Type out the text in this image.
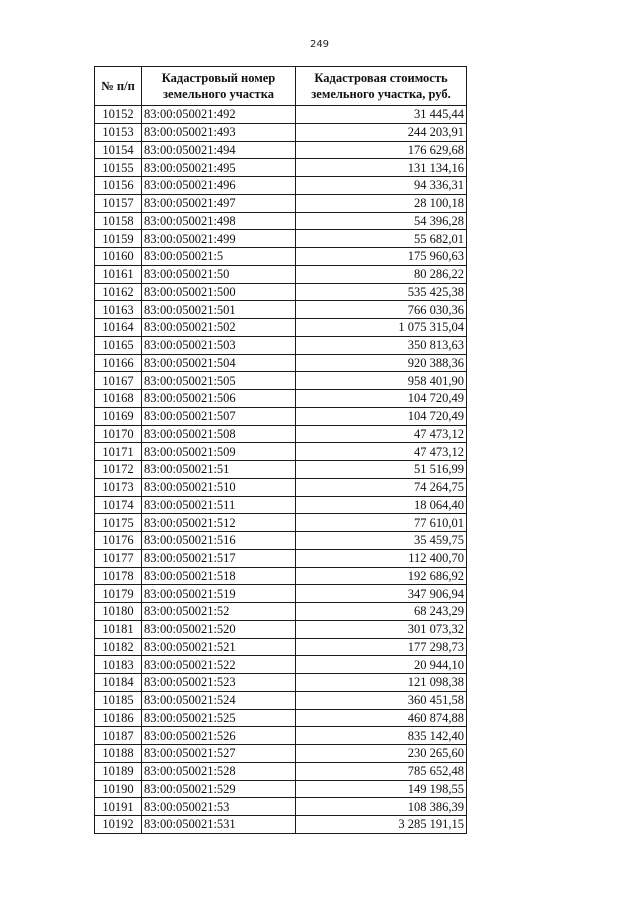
249
№ п/п	Кадастровый номер земельного участка	Кадастровая стоимость земельного участка, руб.
10152	83:00:050021:492	31 445,44
10153	83:00:050021:493	244 203,91
10154	83:00:050021:494	176 629,68
10155	83:00:050021:495	131 134,16
10156	83:00:050021:496	94 336,31
10157	83:00:050021:497	28 100,18
10158	83:00:050021:498	54 396,28
10159	83:00:050021:499	55 682,01
10160	83:00:050021:5	175 960,63
10161	83:00:050021:50	80 286,22
10162	83:00:050021:500	535 425,38
10163	83:00:050021:501	766 030,36
10164	83:00:050021:502	1 075 315,04
10165	83:00:050021:503	350 813,63
10166	83:00:050021:504	920 388,36
10167	83:00:050021:505	958 401,90
10168	83:00:050021:506	104 720,49
10169	83:00:050021:507	104 720,49
10170	83:00:050021:508	47 473,12
10171	83:00:050021:509	47 473,12
10172	83:00:050021:51	51 516,99
10173	83:00:050021:510	74 264,75
10174	83:00:050021:511	18 064,40
10175	83:00:050021:512	77 610,01
10176	83:00:050021:516	35 459,75
10177	83:00:050021:517	112 400,70
10178	83:00:050021:518	192 686,92
10179	83:00:050021:519	347 906,94
10180	83:00:050021:52	68 243,29
10181	83:00:050021:520	301 073,32
10182	83:00:050021:521	177 298,73
10183	83:00:050021:522	20 944,10
10184	83:00:050021:523	121 098,38
10185	83:00:050021:524	360 451,58
10186	83:00:050021:525	460 874,88
10187	83:00:050021:526	835 142,40
10188	83:00:050021:527	230 265,60
10189	83:00:050021:528	785 652,48
10190	83:00:050021:529	149 198,55
10191	83:00:050021:53	108 386,39
10192	83:00:050021:531	3 285 191,15
